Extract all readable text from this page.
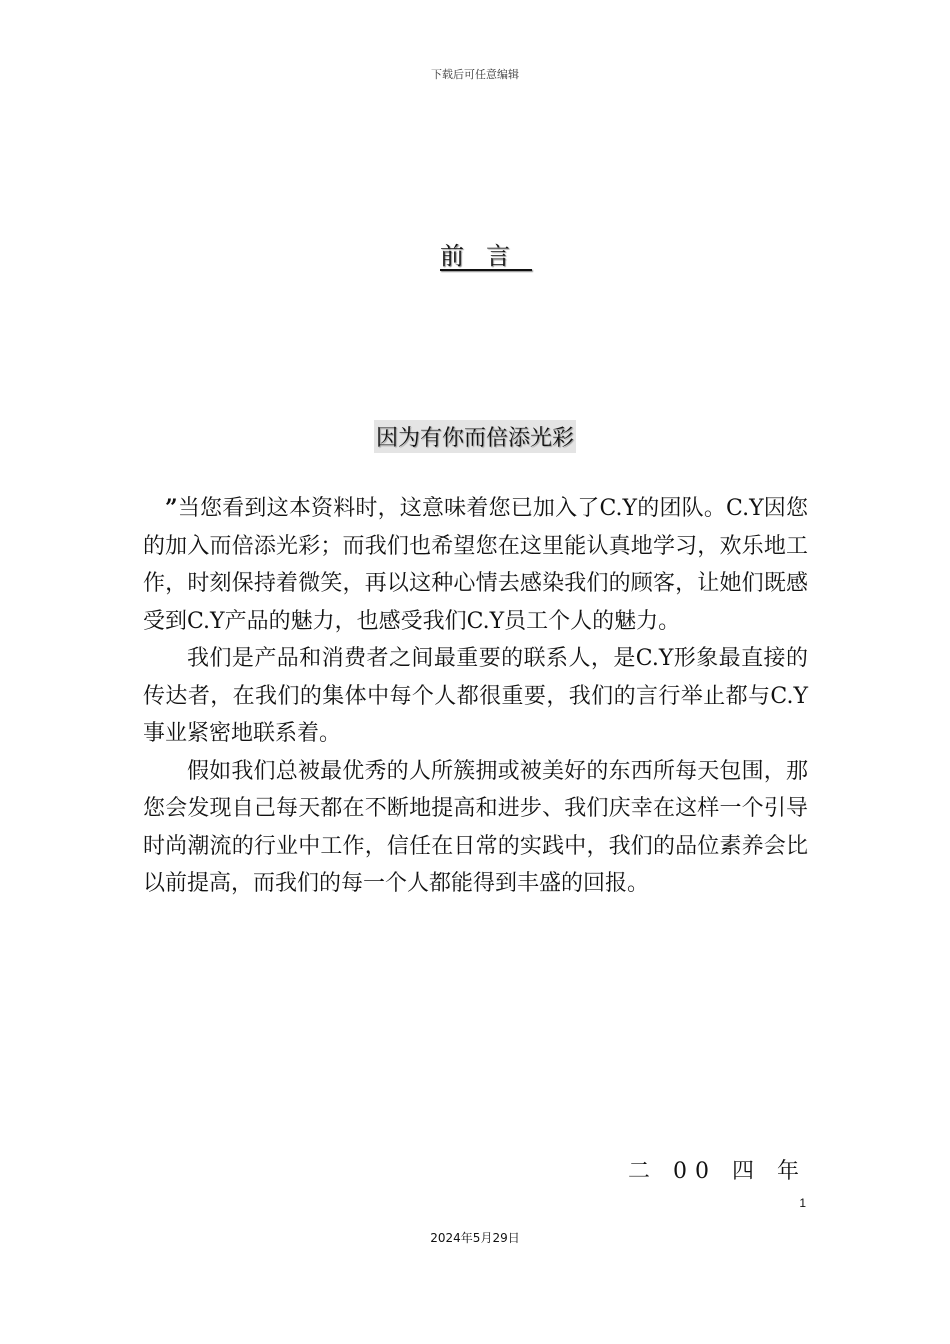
下载后可任意编辑
前言
因为有你而倍添光彩

”当您看到这本资料时，这意味着您已加入了C.Y的团队。C.Y因您的加入而倍添光彩；而我们也希望您在这里能认真地学习，欢乐地工作，时刻保持着微笑，再以这种心情去感染我们的顾客，让她们既感受到C.Y产品的魅力，也感受我们C.Y员工个人的魅力。

我们是产品和消费者之间最重要的联系人，是C.Y形象最直接的传达者，在我们的集体中每个人都很重要，我们的言行举止都与C.Y事业紧密地联系着。

假如我们总被最优秀的人所簇拥或被美好的东西所每天包围，那您会发现自己每天都在不断地提高和进步、我们庆幸在这样一个引导时尚潮流的行业中工作，信任在日常的实践中，我们的品位素养会比以前提高，而我们的每一个人都能得到丰盛的回报。

二 00 四 年
1
2024年5月29日
